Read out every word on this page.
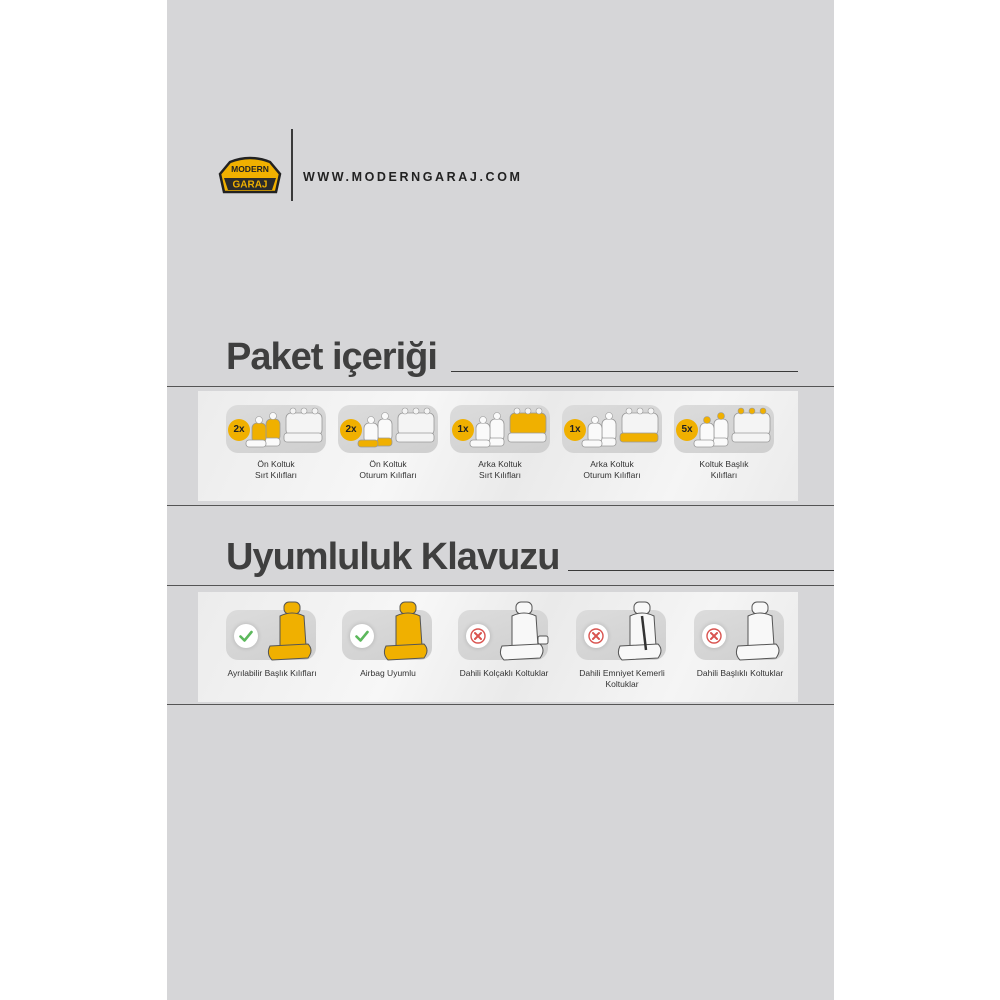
MODERN
GARAJ
WWW.MODERNGARAJ.COM
Paket içeriği
2x
Ön Koltuk
Sırt Kılıfları
2x
Ön Koltuk
Oturum Kılıfları
1x
Arka Koltuk
Sırt Kılıfları
1x
Arka Koltuk
Oturum Kılıfları
5x
Koltuk Başlık
Kılıfları
Uyumluluk Klavuzu
Ayrılabilir Başlık Kılıfları	Airbag Uyumlu	Dahili Kolçaklı Koltuklar	Dahili Emniyet Kemerli
Koltuklar
Dahili Başlıklı Koltuklar
